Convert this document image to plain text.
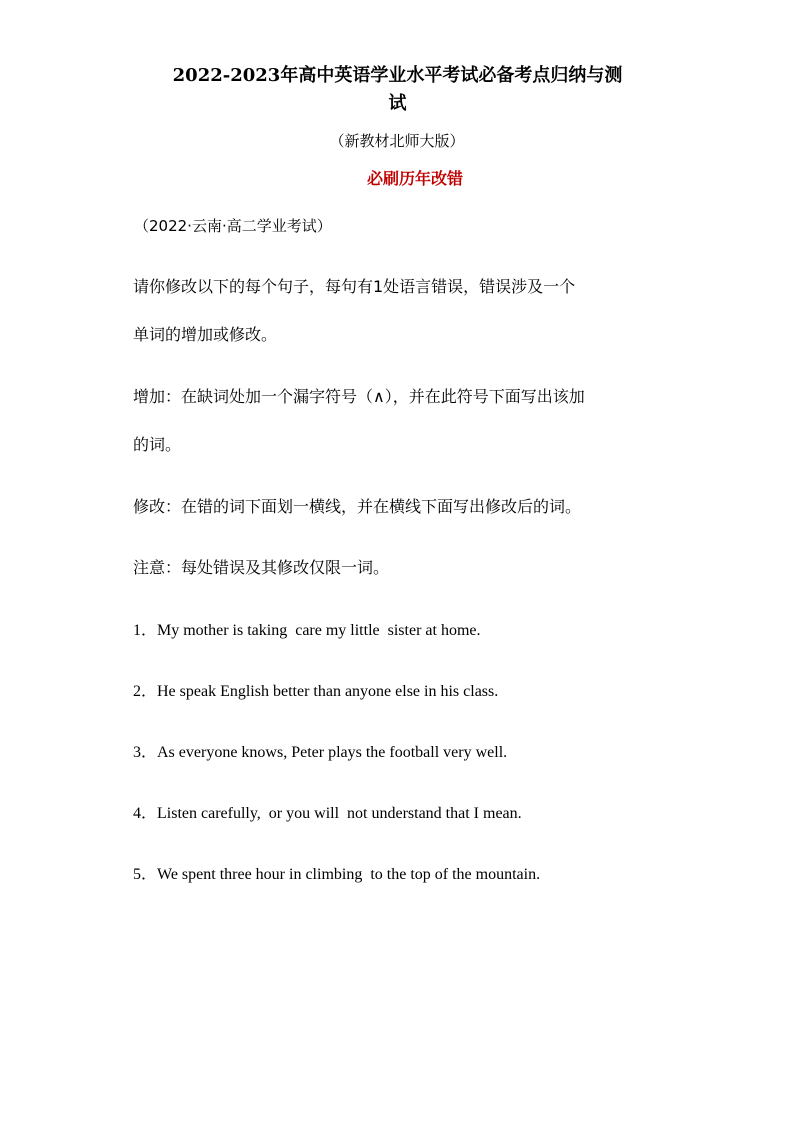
2022-2023年高中英语学业水平考试必备考点归纳与测
试
（新教材北师大版）
必刷历年改错
（2022·云南·高二学业考试）
请你修改以下的每个句子，每句有1处语言错误，错误涉及一个
单词的增加或修改。
增加：在缺词处加一个漏字符号（∧），并在此符号下面写出该加
的词。
修改：在错的词下面划一横线，并在横线下面写出修改后的词。
注意：每处错误及其修改仅限一词。
1．My mother is taking  care my little  sister at home.
2．He speak English better than anyone else in his class.
3．As everyone knows, Peter plays the football very well.
4．Listen carefully,  or you will  not understand that I mean.
5．We spent three hour in climbing  to the top of the mountain.
